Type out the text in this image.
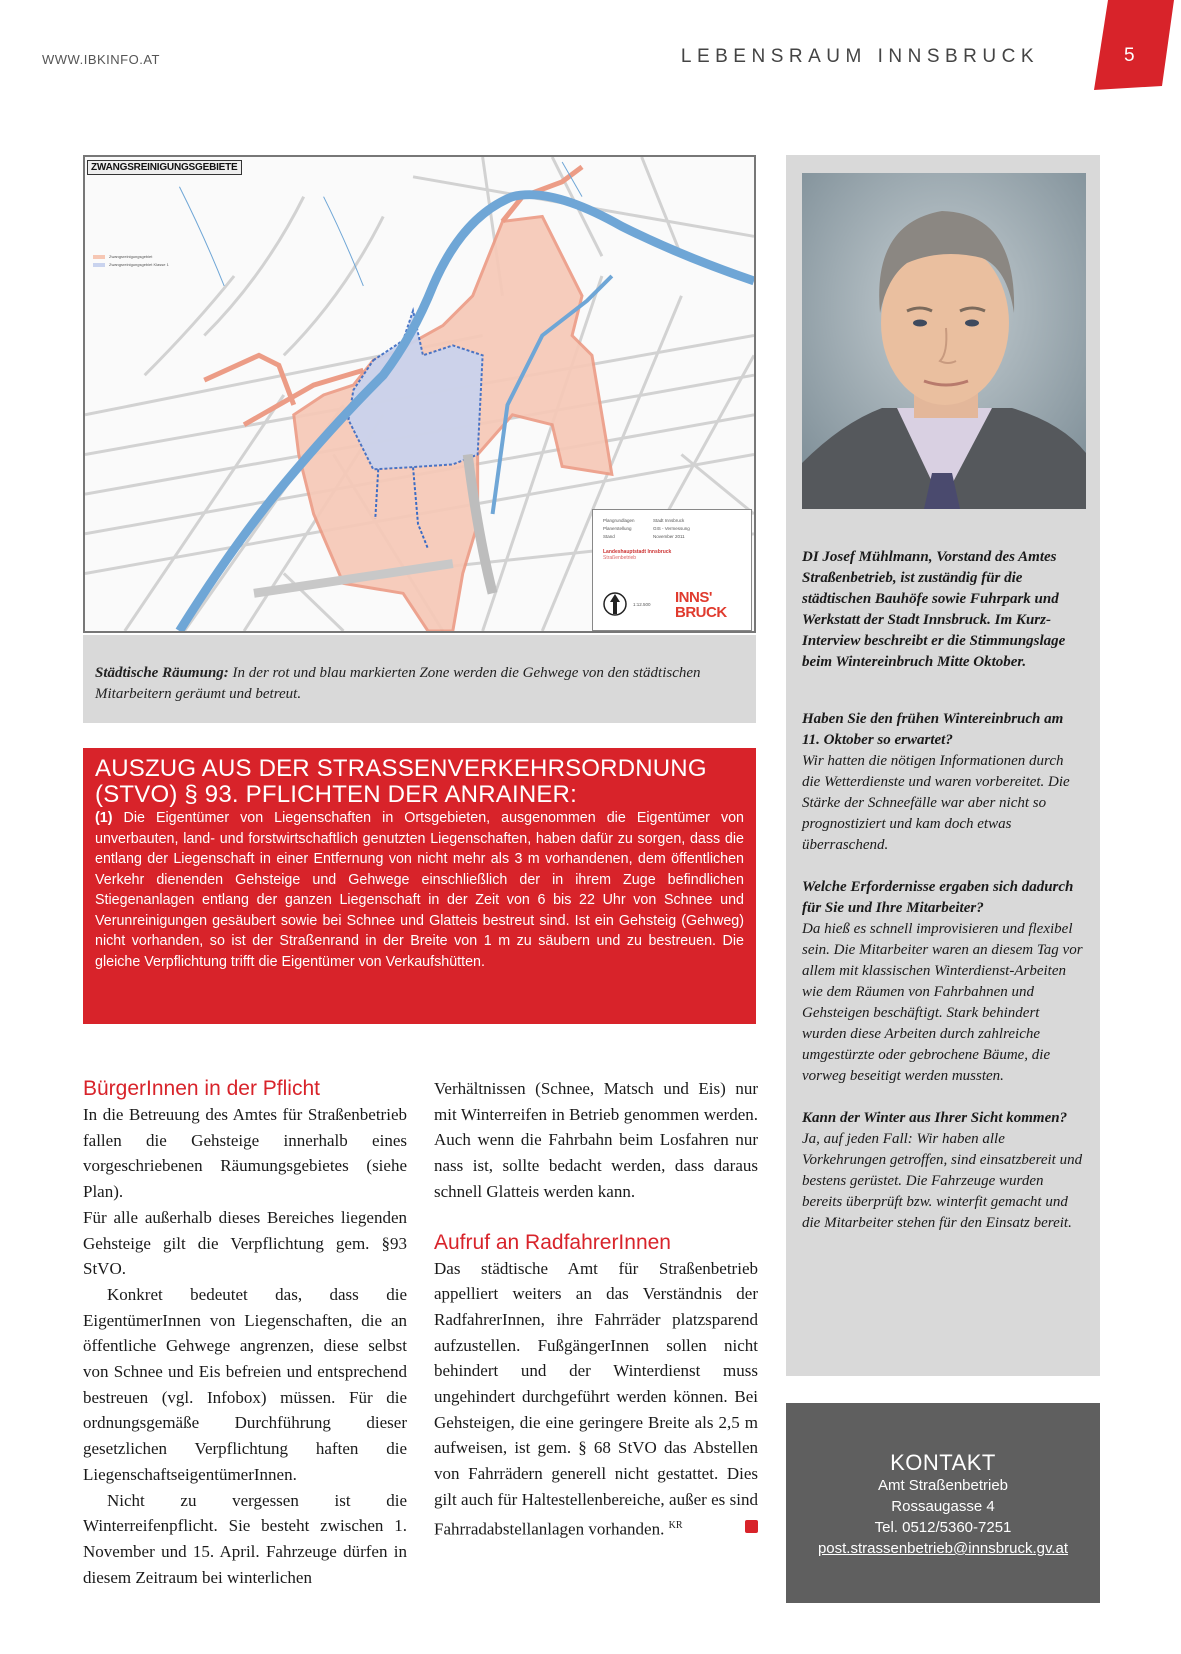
WWW.IBKINFO.AT	LEBENSRAUM INNSBRUCK	5
ZWANGSREINIGUNGSGEBIETE
Zwangsreinigungsgebiet
Zwangsreinigungsgebiet Klasse 1
Plangrundlagen	Stadt Innsbruck
Planerstellung	GIS - Vermessung
Stand	November 2011
Landeshauptstadt Innsbruck
Straßenbetrieb
1:12.500 INNS'
BRUCK
Städtische Räumung: In der rot und blau markierten Zone werden die Gehwege von den städtischen Mitarbeitern geräumt und betreut.
AUSZUG AUS DER STRASSENVERKEHRSORDNUNG (STVO) § 93. PFLICHTEN DER ANRAINER:

(1) Die Eigentümer von Liegenschaften in Ortsgebieten, ausgenommen die Eigentümer von unverbauten, land- und forstwirtschaftlich genutzten Liegenschaften, haben dafür zu sorgen, dass die entlang der Liegenschaft in einer Entfernung von nicht mehr als 3 m vorhandenen, dem öffentlichen Verkehr dienenden Gehsteige und Gehwege einschließlich der in ihrem Zuge befindlichen Stiegenanlagen entlang der ganzen Liegenschaft in der Zeit von 6 bis 22 Uhr von Schnee und Verunreinigungen gesäubert sowie bei Schnee und Glatteis bestreut sind. Ist ein Gehsteig (Gehweg) nicht vorhanden, so ist der Straßenrand in der Breite von 1 m zu säubern und zu bestreuen. Die gleiche Verpflichtung trifft die Eigentümer von Verkaufshütten.

BürgerInnen in der Pflicht

In die Betreuung des Amtes für Straßenbetrieb fallen die Gehsteige innerhalb eines vorgeschriebenen Räumungsgebietes (siehe Plan).

Für alle außerhalb dieses Bereiches liegenden Gehsteige gilt die Verpflichtung gem. §93 StVO.

Konkret bedeutet das, dass die EigentümerInnen von Liegenschaften, die an öffentliche Gehwege angrenzen, diese selbst von Schnee und Eis befreien und entsprechend bestreuen (vgl. Infobox) müssen. Für die ordnungsgemäße Durchführung dieser gesetzlichen Verpflichtung haften die LiegenschaftseigentümerInnen.

Nicht zu vergessen ist die Winterreifenpflicht. Sie besteht zwischen 1. November und 15. April. Fahrzeuge dürfen in diesem Zeitraum bei winterlichen

Verhältnissen (Schnee, Matsch und Eis) nur mit Winterreifen in Betrieb genommen werden. Auch wenn die Fahrbahn beim Losfahren nur nass ist, sollte bedacht werden, dass daraus schnell Glatteis werden kann.

Aufruf an RadfahrerInnen

Das städtische Amt für Straßenbetrieb appelliert weiters an das Verständnis der RadfahrerInnen, ihre Fahrräder platzsparend aufzustellen. FußgängerInnen sollen nicht behindert und der Winterdienst muss ungehindert durchgeführt werden können. Bei Gehsteigen, die eine geringere Breite als 2,5 m aufweisen, ist gem. § 68 StVO das Abstellen von Fahrrädern generell nicht gestattet. Dies gilt auch für Haltestellenbereiche, außer es sind Fahrradabstellanlagen vorhanden. $^{KR}$

DI Josef Mühlmann, Vorstand des Amtes Straßenbetrieb, ist zuständig für die städtischen Bauhöfe sowie Fuhrpark und Werkstatt der Stadt Innsbruck. Im Kurz-Interview beschreibt er die Stimmungslage beim Wintereinbruch Mitte Oktober.
Haben Sie den frühen Wintereinbruch am 11. Oktober so erwartet?
Wir hatten die nötigen Informationen durch die Wetterdienste und waren vorbereitet. Die Stärke der Schneefälle war aber nicht so prognostiziert und kam doch etwas überraschend.
Welche Erfordernisse ergaben sich dadurch für Sie und Ihre Mitarbeiter?
Da hieß es schnell improvisieren und flexibel sein. Die Mitarbeiter waren an diesem Tag vor allem mit klassischen Winterdienst-Arbeiten wie dem Räumen von Fahrbahnen und Gehsteigen beschäftigt. Stark behindert wurden diese Arbeiten durch zahlreiche umgestürzte oder gebrochene Bäume, die vorweg beseitigt werden mussten.
Kann der Winter aus Ihrer Sicht kommen?
Ja, auf jeden Fall: Wir haben alle Vorkehrungen getroffen, sind einsatzbereit und bestens gerüstet. Die Fahrzeuge wurden bereits überprüft bzw. winterfit gemacht und die Mitarbeiter stehen für den Einsatz bereit.
KONTAKT
Amt Straßenbetrieb
Rossaugasse 4
Tel. 0512/5360-7251
post.strassenbetrieb@innsbruck.gv.at
